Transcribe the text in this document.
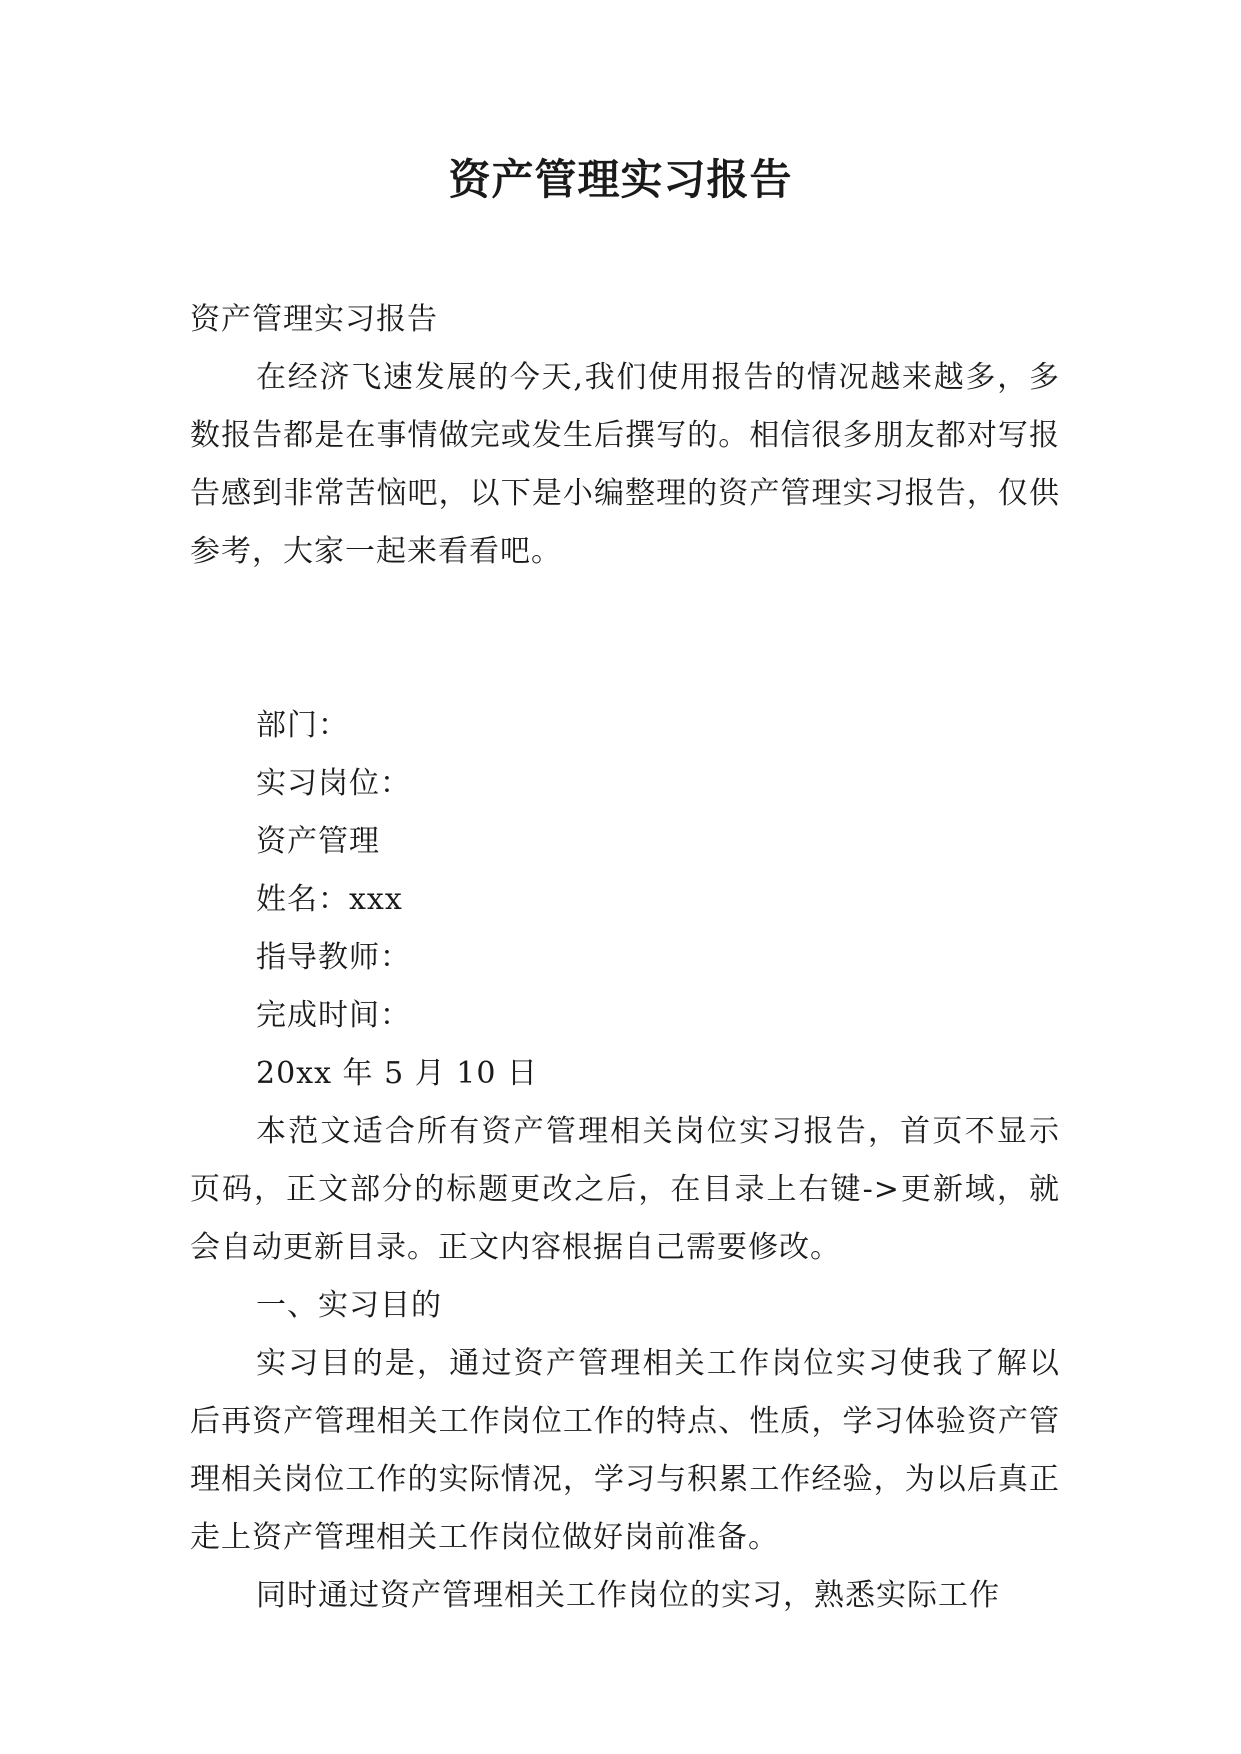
资产管理实习报告

资产管理实习报告

在经济飞速发展的今天,我们使用报告的情况越来越多，多数报告都是在事情做完或发生后撰写的。相信很多朋友都对写报告感到非常苦恼吧，以下是小编整理的资产管理实习报告，仅供参考，大家一起来看看吧。

部门：

实习岗位：

资产管理

姓名：xxx

指导教师：

完成时间：

20xx 年 5 月 10 日

本范文适合所有资产管理相关岗位实习报告，首页不显示页码，正文部分的标题更改之后，在目录上右键->更新域，就会自动更新目录。正文内容根据自己需要修改。

一、实习目的

实习目的是，通过资产管理相关工作岗位实习使我了解以后再资产管理相关工作岗位工作的特点、性质，学习体验资产管理相关岗位工作的实际情况，学习与积累工作经验，为以后真正走上资产管理相关工作岗位做好岗前准备。

同时通过资产管理相关工作岗位的实习，熟悉实际工作
